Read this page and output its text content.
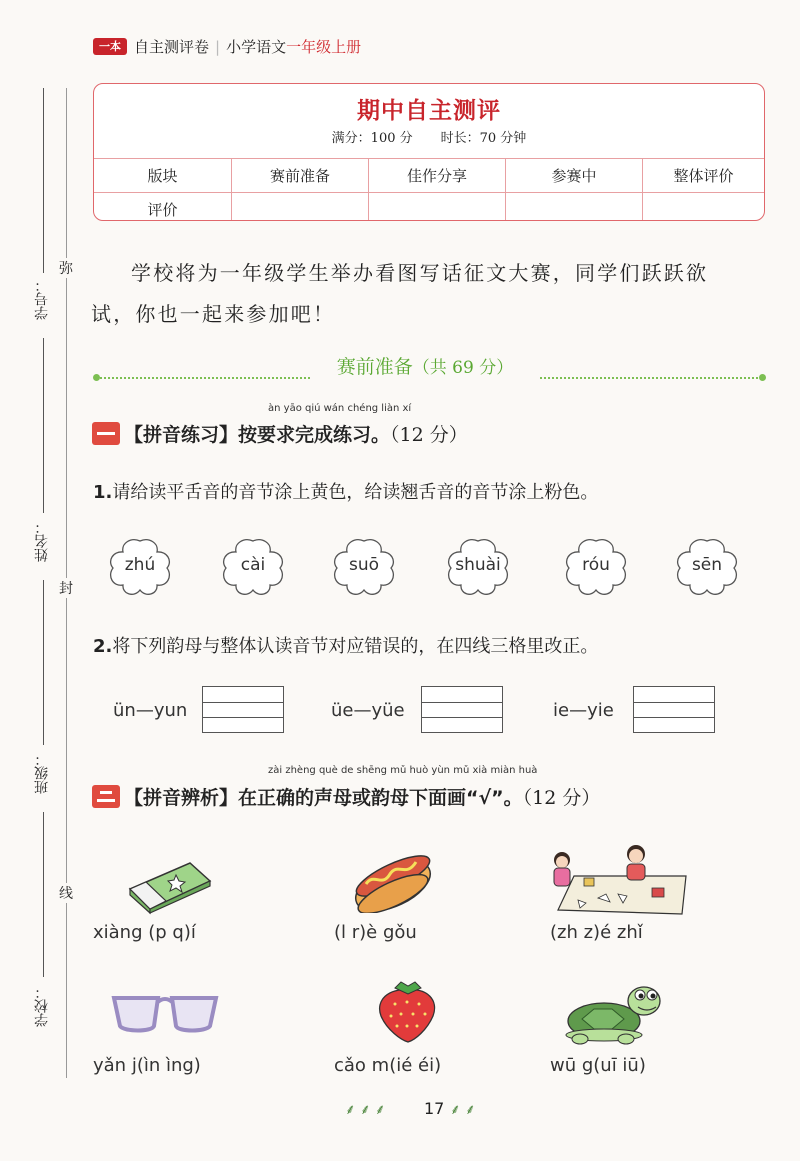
一本 自主测评卷 | 小学语文一年级上册
学号：
姓名：
班级：
学校：
弥
封
线
期中自主测评
满分：100 分 时长：70 分钟
版块	赛前准备	佳作分享	参赛中	整体评价
评价				
学校将为一年级学生举办看图写话征文大赛，同学们跃跃欲
试，你也一起来参加吧！
赛前准备（共 69 分）
àn yāo qiú wán chéng liàn xí
【拼音练习】按要求完成练习。（12 分）
1.请给读平舌音的音节涂上黄色，给读翘舌音的音节涂上粉色。
zhú	cài	suō	shuài	róu	sēn
2.将下列韵母与整体认读音节对应错误的，在四线三格里改正。
ün—yun	üe—yüe	ie—yie
zài zhèng què de shēng mǔ huò yùn mǔ xià miàn huà
【拼音辨析】在正确的声母或韵母下面画“√”。（12 分）
xiàng (p q)í	(l r)è gǒu	(zh z)é zhǐ
yǎn j(ìn ìng)	cǎo m(ié éi)	wū g(uī iū)
⸙ ⸙ ⸙ 17 ⸙ ⸙
